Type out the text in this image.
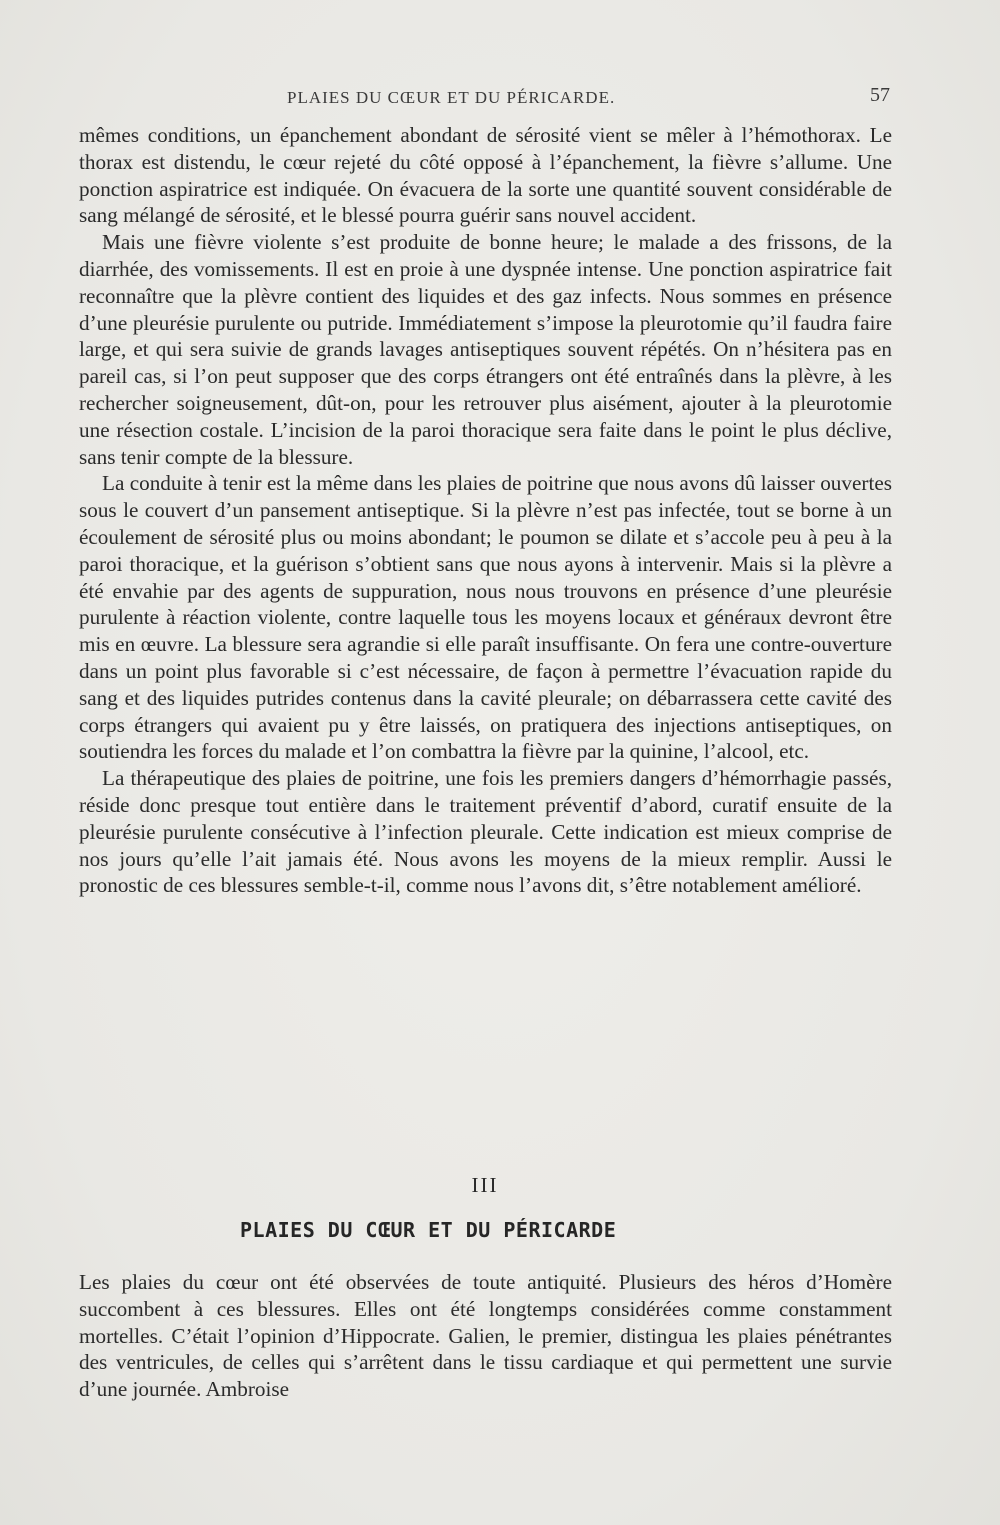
PLAIES DU CŒUR ET DU PÉRICARDE.	57

mêmes conditions, un épanchement abondant de sérosité vient se mêler à l’hémothorax. Le thorax est distendu, le cœur rejeté du côté opposé à l’épanchement, la fièvre s’allume. Une ponction aspiratrice est indiquée. On évacuera de la sorte une quantité souvent considérable de sang mélangé de sérosité, et le blessé pourra guérir sans nouvel accident.

Mais une fièvre violente s’est produite de bonne heure; le malade a des frissons, de la diarrhée, des vomissements. Il est en proie à une dyspnée intense. Une ponction aspiratrice fait reconnaître que la plèvre contient des liquides et des gaz infects. Nous sommes en présence d’une pleurésie purulente ou putride. Immédiatement s’impose la pleurotomie qu’il faudra faire large, et qui sera suivie de grands lavages antiseptiques souvent répétés. On n’hésitera pas en pareil cas, si l’on peut supposer que des corps étrangers ont été entraînés dans la plèvre, à les rechercher soigneusement, dût-on, pour les retrouver plus aisément, ajouter à la pleurotomie une résection costale. L’incision de la paroi thoracique sera faite dans le point le plus déclive, sans tenir compte de la blessure.

La conduite à tenir est la même dans les plaies de poitrine que nous avons dû laisser ouvertes sous le couvert d’un pansement antiseptique. Si la plèvre n’est pas infectée, tout se borne à un écoulement de sérosité plus ou moins abondant; le poumon se dilate et s’accole peu à peu à la paroi thoracique, et la guérison s’obtient sans que nous ayons à intervenir. Mais si la plèvre a été envahie par des agents de suppuration, nous nous trouvons en présence d’une pleurésie purulente à réaction violente, contre laquelle tous les moyens locaux et généraux devront être mis en œuvre. La blessure sera agrandie si elle paraît insuffisante. On fera une contre-ouverture dans un point plus favorable si c’est nécessaire, de façon à permettre l’évacuation rapide du sang et des liquides putrides contenus dans la cavité pleurale; on débarrassera cette cavité des corps étrangers qui avaient pu y être laissés, on pratiquera des injections antiseptiques, on soutiendra les forces du malade et l’on combattra la fièvre par la quinine, l’alcool, etc.

La thérapeutique des plaies de poitrine, une fois les premiers dangers d’hémorrhagie passés, réside donc presque tout entière dans le traitement préventif d’abord, curatif ensuite de la pleurésie purulente consécutive à l’infection pleurale. Cette indication est mieux comprise de nos jours qu’elle l’ait jamais été. Nous avons les moyens de la mieux remplir. Aussi le pronostic de ces blessures semble-t-il, comme nous l’avons dit, s’être notablement amélioré.

III
PLAIES DU CŒUR ET DU PÉRICARDE

Les plaies du cœur ont été observées de toute antiquité. Plusieurs des héros d’Homère succombent à ces blessures. Elles ont été longtemps considérées comme constamment mortelles. C’était l’opinion d’Hippocrate. Galien, le premier, distingua les plaies pénétrantes des ventricules, de celles qui s’arrêtent dans le tissu cardiaque et qui permettent une survie d’une journée. Ambroise
